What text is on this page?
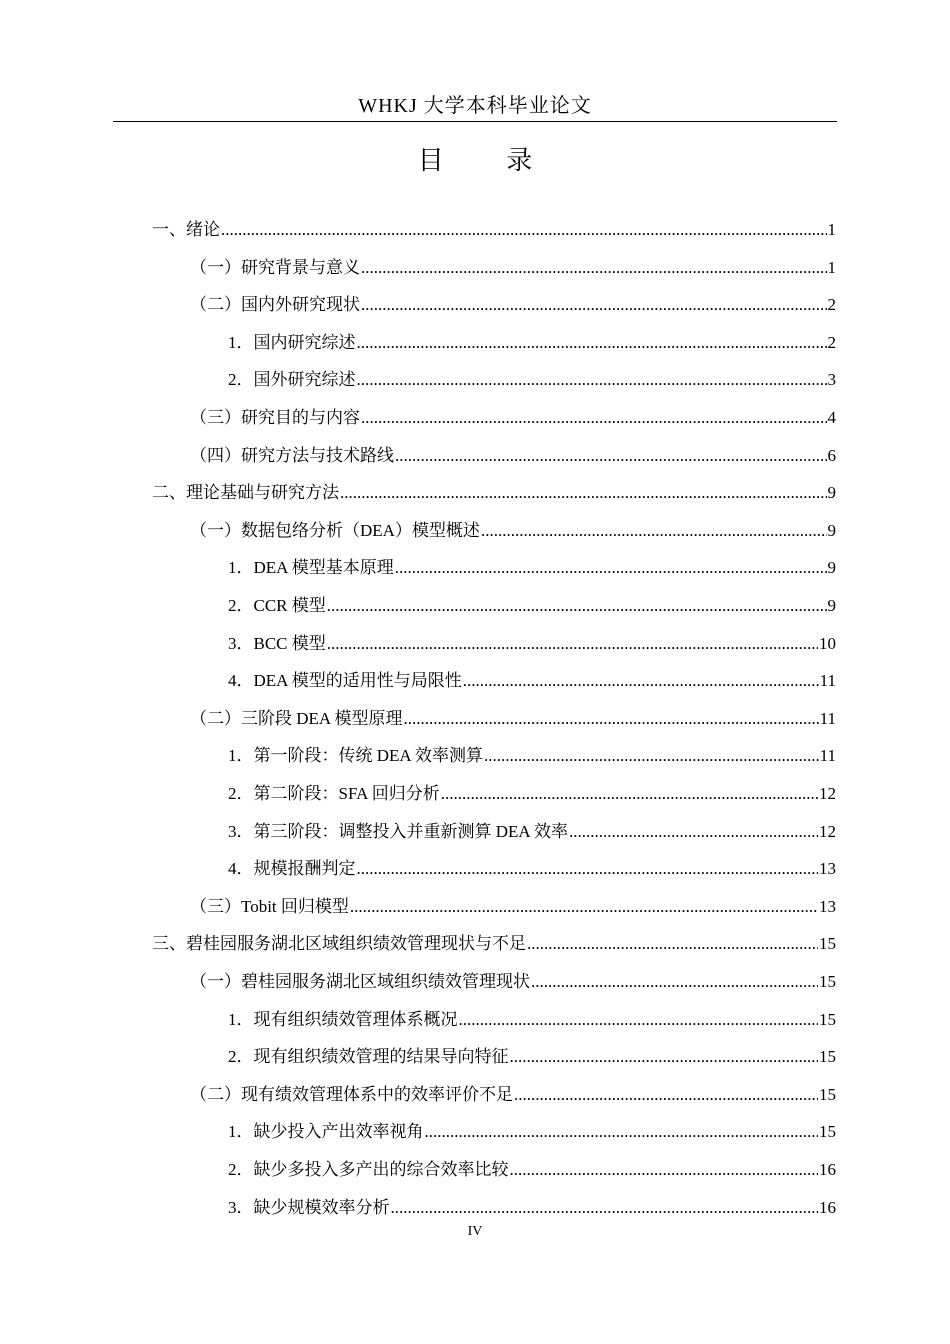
WHKJ 大学本科毕业论文
目 录
一、绪论 .....	1
（一）研究背景与意义 .....	1
（二）国内外研究现状 .....	2
1．国内研究综述 .....	2
2．国外研究综述 .....	3
（三）研究目的与内容 .....	4
（四）研究方法与技术路线 .....	6
二、理论基础与研究方法 .....	9
（一）数据包络分析（DEA）模型概述 .....	9
1．DEA 模型基本原理 .....	9
2．CCR 模型 .....	9
3．BCC 模型 .....	10
4．DEA 模型的适用性与局限性 .....	11
（二）三阶段 DEA 模型原理 .....	11
1．第一阶段：传统 DEA 效率测算 .....	11
2．第二阶段：SFA 回归分析 .....	12
3．第三阶段：调整投入并重新测算 DEA 效率 .....	12
4．规模报酬判定 .....	13
（三）Tobit 回归模型 .....	13
三、碧桂园服务湖北区域组织绩效管理现状与不足 .....	15
（一）碧桂园服务湖北区域组织绩效管理现状 .....	15
1．现有组织绩效管理体系概况 .....	15
2．现有组织绩效管理的结果导向特征 .....	15
（二）现有绩效管理体系中的效率评价不足 .....	15
1．缺少投入产出效率视角 .....	15
2．缺少多投入多产出的综合效率比较 .....	16
3．缺少规模效率分析 .....	16
IV
